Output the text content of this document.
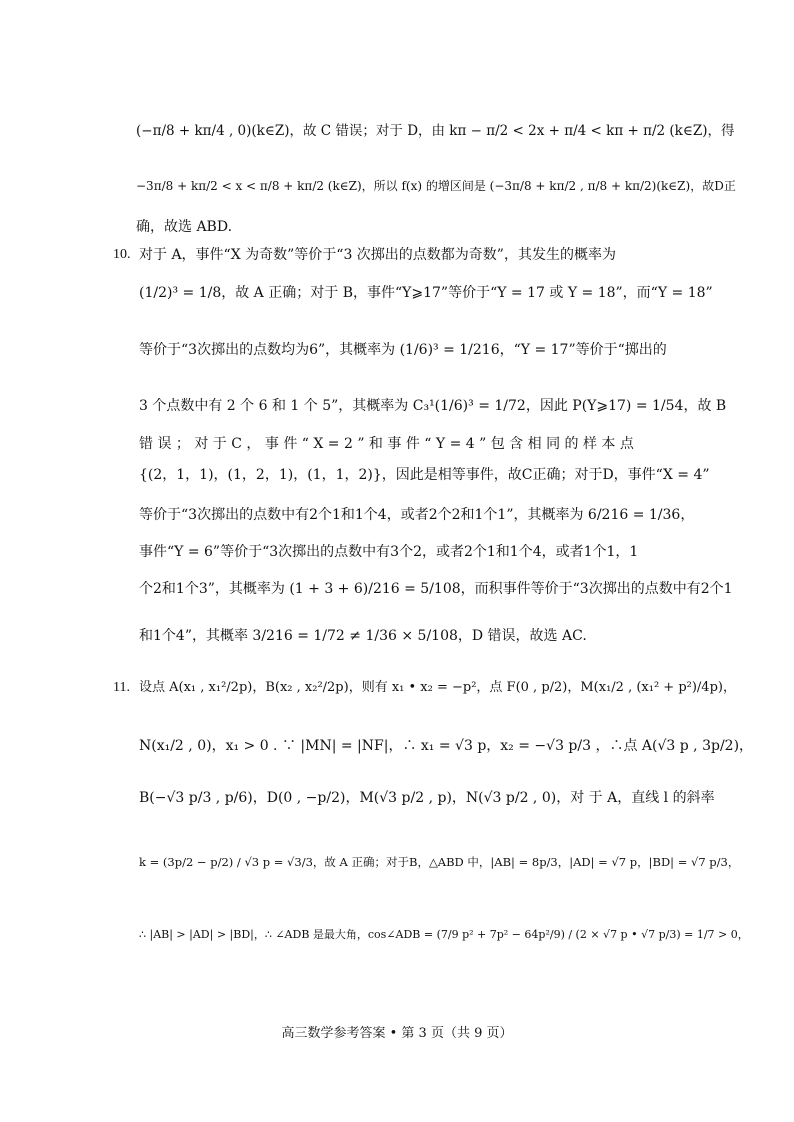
(−π/8 + kπ/4 , 0)(k∈Z)，故 C 错误；对于 D，由 kπ − π/2 < 2x + π/4 < kπ + π/2 (k∈Z)，得
−3π/8 + kπ/2 < x < π/8 + kπ/2 (k∈Z)，所以 f(x) 的增区间是 (−3π/8 + kπ/2 , π/8 + kπ/2)(k∈Z)，故D正
确，故选 ABD.
10. 对于 A，事件“X 为奇数”等价于“3 次掷出的点数都为奇数”，其发生的概率为
(1/2)³ = 1/8，故 A 正确；对于 B，事件“Y⩾17”等价于“Y = 17 或 Y = 18”，而“Y = 18”
等价于“3次掷出的点数均为6”，其概率为 (1/6)³ = 1/216，“Y = 17”等价于“掷出的
3 个点数中有 2 个 6 和 1 个 5”，其概率为 C₃¹(1/6)³ = 1/72，因此 P(Y⩾17) = 1/54，故 B
错 误 ； 对 于 C ， 事 件 “ X = 2 ” 和 事 件 “ Y = 4 ” 包 含 相 同 的 样 本 点
{(2，1，1)，(1，2，1)，(1，1，2)}，因此是相等事件，故C正确；对于D，事件“X = 4”
等价于“3次掷出的点数中有2个1和1个4，或者2个2和1个1”，其概率为 6/216 = 1/36，
事件“Y = 6”等价于“3次掷出的点数中有3个2，或者2个1和1个4，或者1个1，1
个2和1个3”，其概率为 (1 + 3 + 6)/216 = 5/108，而积事件等价于“3次掷出的点数中有2个1
和1个4”，其概率 3/216 = 1/72 ≠ 1/36 × 5/108，D 错误，故选 AC.
11. 设点 A(x₁ , x₁²/2p)，B(x₂ , x₂²/2p)，则有 x₁ • x₂ = −p²，点 F(0 , p/2)，M(x₁/2 , (x₁² + p²)/4p)，
N(x₁/2 , 0)，x₁ > 0 . ∵ |MN| = |NF|，∴ x₁ = √3 p，x₂ = −√3 p/3 ，∴点 A(√3 p , 3p/2)，
B(−√3 p/3 , p/6)，D(0 , −p/2)，M(√3 p/2 , p)，N(√3 p/2 , 0)，对 于 A，直线 l 的斜率
k = (3p/2 − p/2) / √3 p = √3/3，故 A 正确；对于B，△ABD 中，|AB| = 8p/3，|AD| = √7 p，|BD| = √7 p/3，
∴ |AB| > |AD| > |BD|，∴ ∠ADB 是最大角，cos∠ADB = (7/9 p² + 7p² − 64p²/9) / (2 × √7 p • √7 p/3) = 1/7 > 0，
高三数学参考答案 • 第 3 页（共 9 页）
